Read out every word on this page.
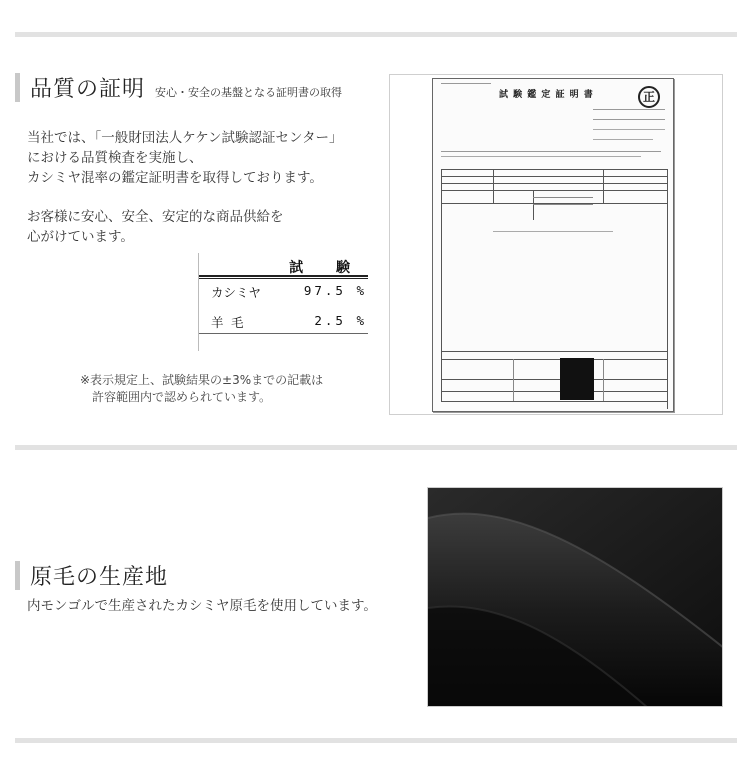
品質の証明 安心・安全の基盤となる証明書の取得
当社では、「一般財団法人ケケン試験認証センター」
における品質検査を実施し、
カシミヤ混率の鑑定証明書を取得しております。
お客様に安心、安全、安定的な商品供給を
心がけています。
試 験
カシミヤ	97.5 %
羊 毛	2.5 %
※表示規定上、試験結果の±3%までの記載は
　許容範囲内で認められています。
試 験 鑑 定 証 明 書	正
原毛の生産地
内モンゴルで生産されたカシミヤ原毛を使用しています。
